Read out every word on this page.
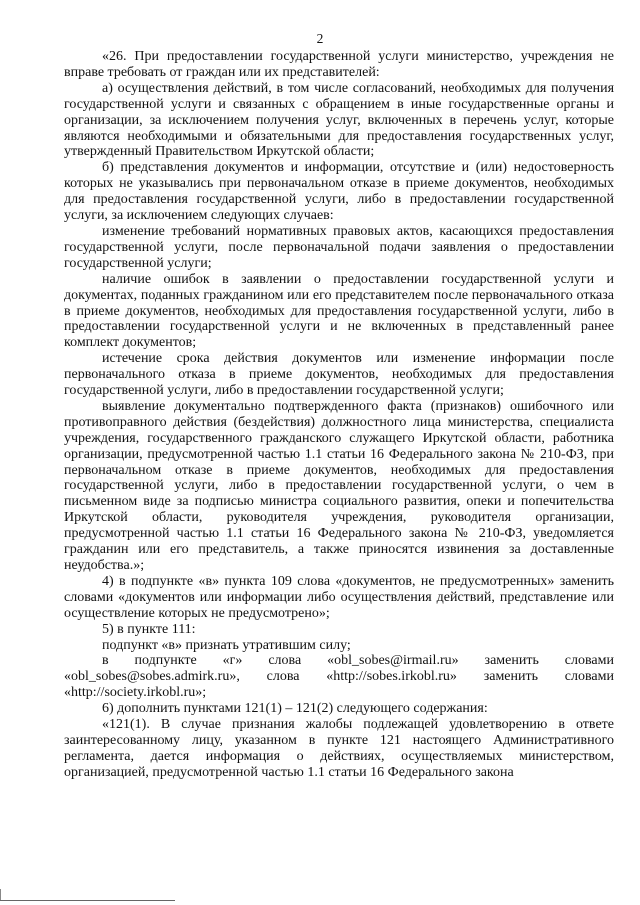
2

«26. При предоставлении государственной услуги министерство, учреждения не вправе требовать от граждан или их представителей:

а) осуществления действий, в том числе согласований, необходимых для получения государственной услуги и связанных с обращением в иные государственные органы и организации, за исключением получения услуг, включенных в перечень услуг, которые являются необходимыми и обязательными для предоставления государственных услуг, утвержденный Правительством Иркутской области;

б) представления документов и информации, отсутствие и (или) недостоверность которых не указывались при первоначальном отказе в приеме документов, необходимых для предоставления государственной услуги, либо в предоставлении государственной услуги, за исключением следующих случаев:

изменение требований нормативных правовых актов, касающихся предоставления государственной услуги, после первоначальной подачи заявления о предоставлении государственной услуги;

наличие ошибок в заявлении о предоставлении государственной услуги и документах, поданных гражданином или его представителем после первоначального отказа в приеме документов, необходимых для предоставления государственной услуги, либо в предоставлении государственной услуги и не включенных в представленный ранее комплект документов;

истечение срока действия документов или изменение информации после первоначального отказа в приеме документов, необходимых для предоставления государственной услуги, либо в предоставлении государственной услуги;

выявление документально подтвержденного факта (признаков) ошибочного или противоправного действия (бездействия) должностного лица министерства, специалиста учреждения, государственного гражданского служащего Иркутской области, работника организации, предусмотренной частью 1.1 статьи 16 Федерального закона № 210-ФЗ, при первоначальном отказе в приеме документов, необходимых для предоставления государственной услуги, либо в предоставлении государственной услуги, о чем в письменном виде за подписью министра социального развития, опеки и попечительства Иркутской области, руководителя учреждения, руководителя организации, предусмотренной частью 1.1 статьи 16 Федерального закона № 210-ФЗ, уведомляется гражданин или его представитель, а также приносятся извинения за доставленные неудобства.»;

4) в подпункте «в» пункта 109 слова «документов, не предусмотренных» заменить словами «документов или информации либо осуществления действий, представление или осуществление которых не предусмотрено»;

5) в пункте 111:

подпункт «в» признать утратившим силу;

в подпункте «г» слова «obl_sobes@irmail.ru» заменить словами «obl_sobes@sobes.admirk.ru», слова «http://sobes.irkobl.ru» заменить словами «http://society.irkobl.ru»;

6) дополнить пунктами 121(1) – 121(2) следующего содержания:

«121(1). В случае признания жалобы подлежащей удовлетворению в ответе заинтересованному лицу, указанном в пункте 121 настоящего Административного регламента, дается информация о действиях, осуществляемых министерством, организацией, предусмотренной частью 1.1 статьи 16 Федерального закона
